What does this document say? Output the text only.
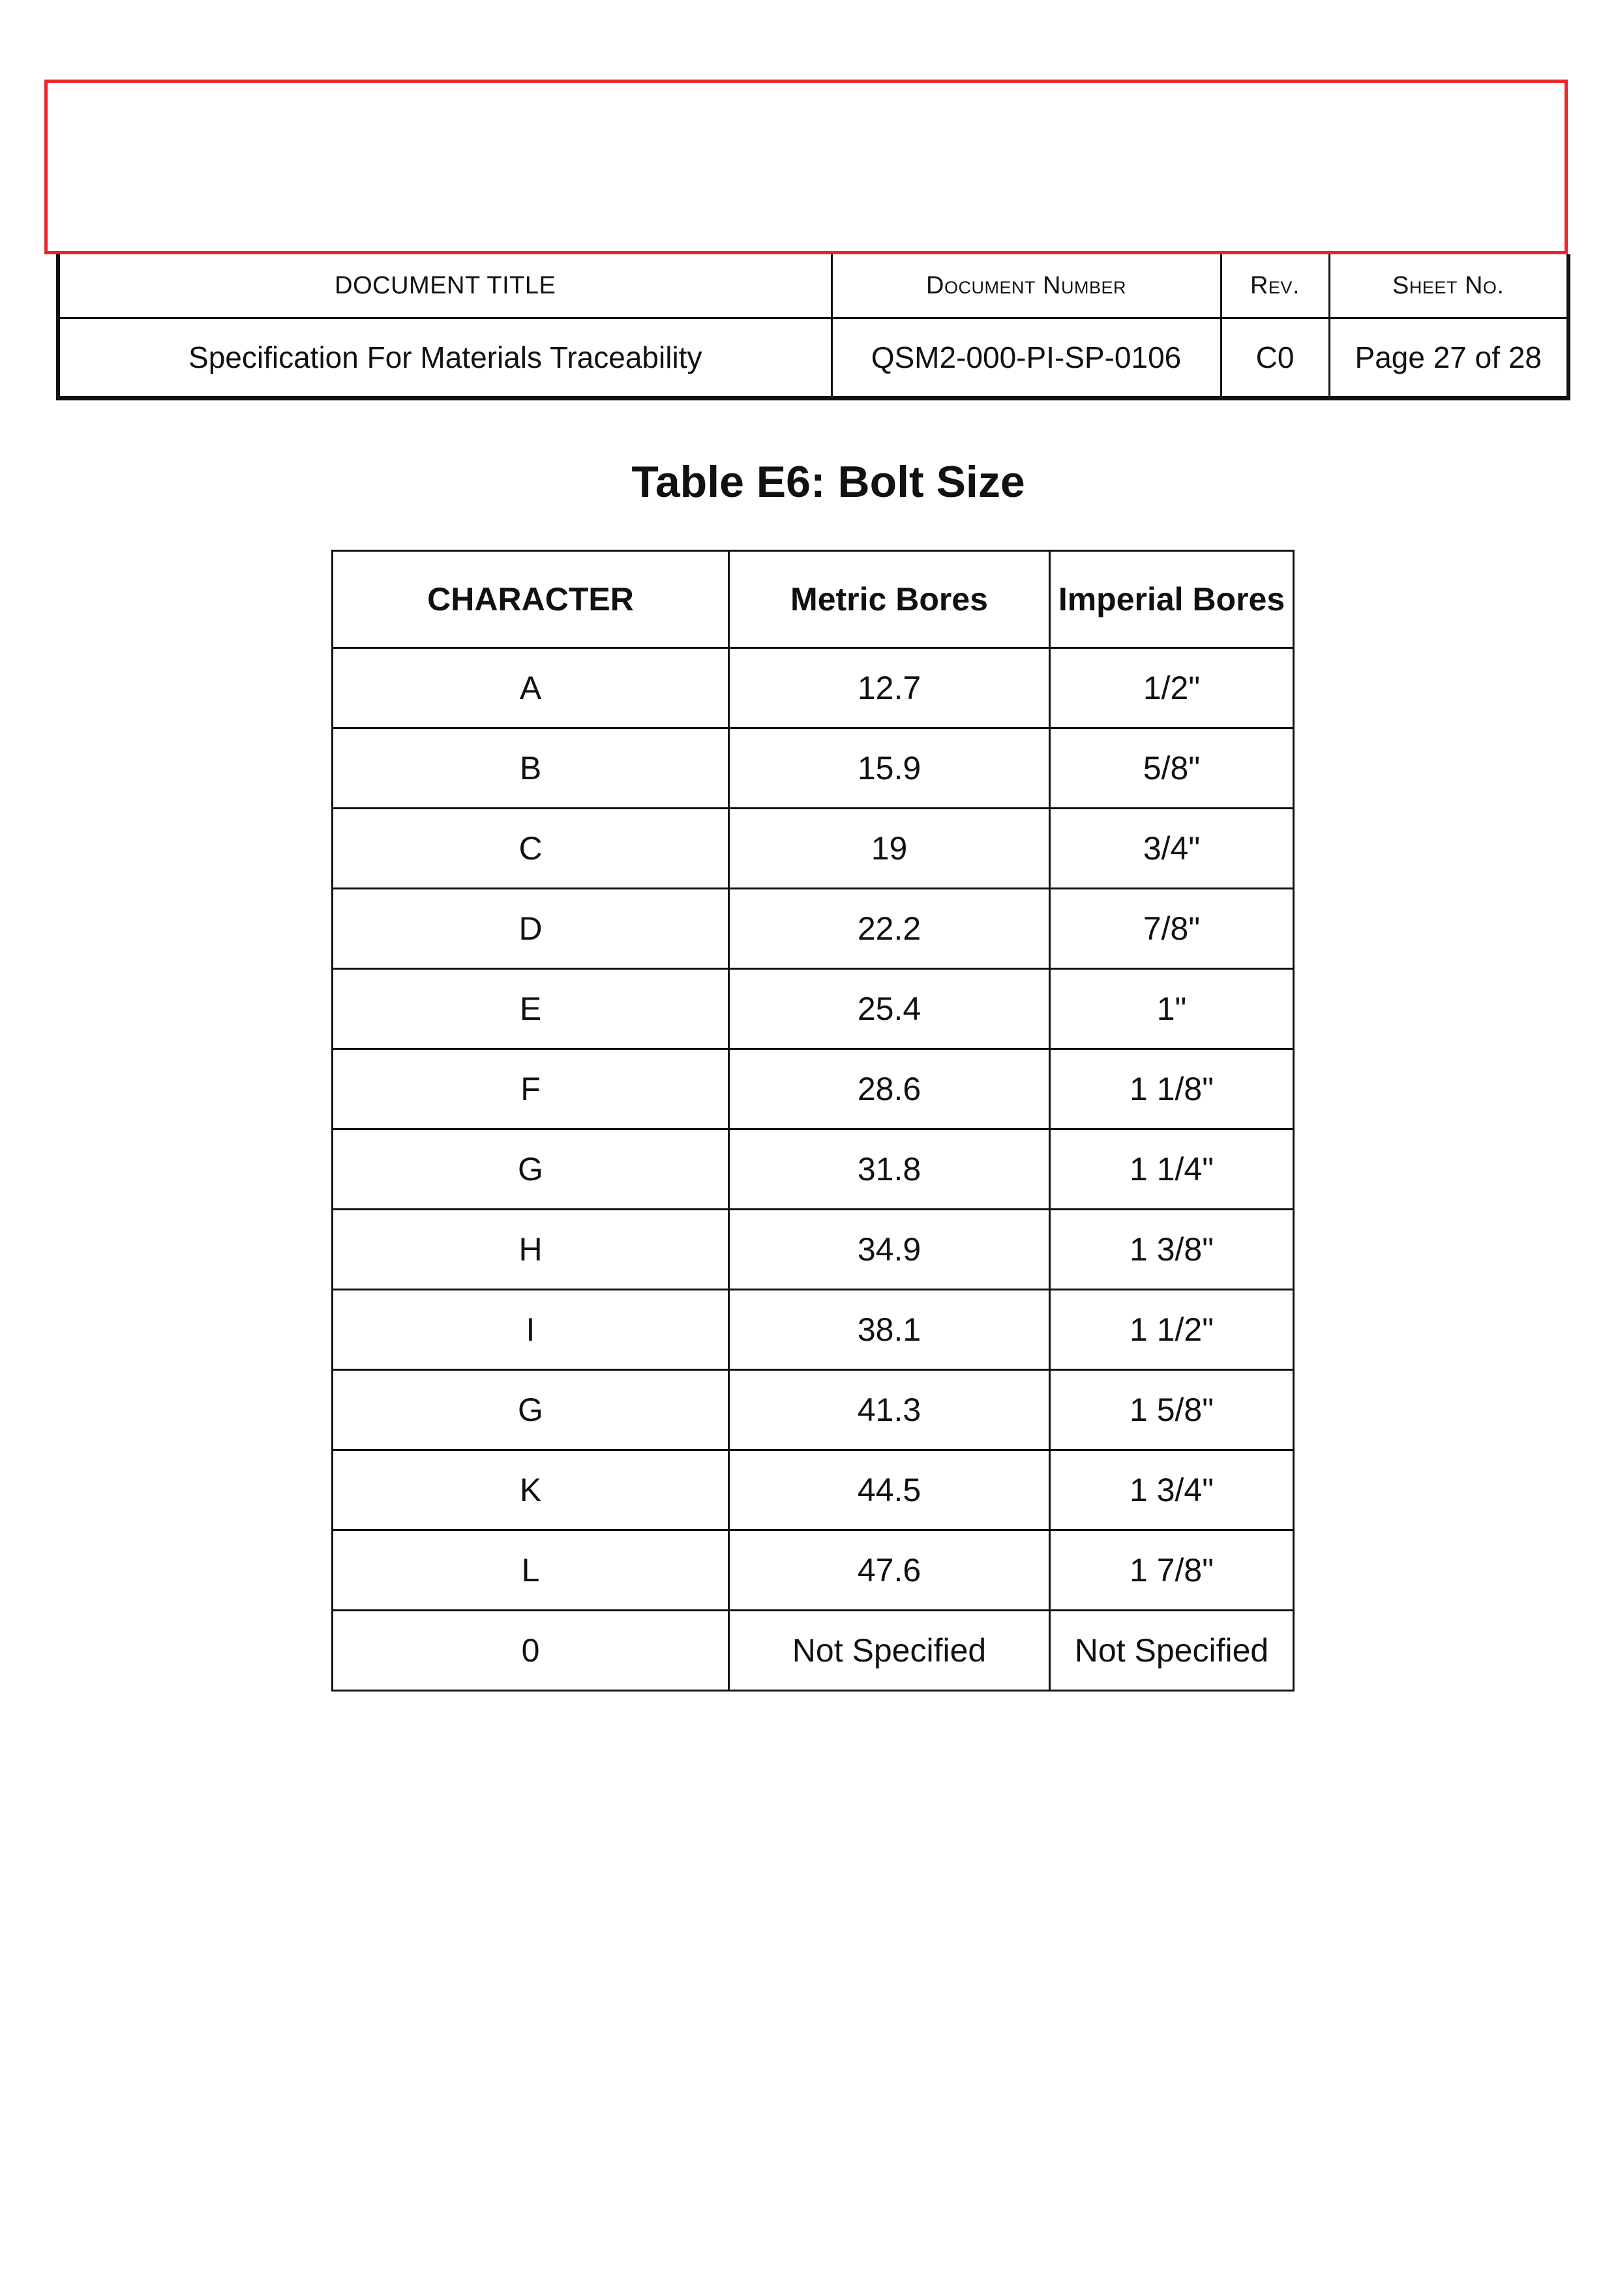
DOCUMENT TITLE	Document Number	Rev.	Sheet No.
Specification For Materials Traceability	QSM2-000-PI-SP-0106	C0	Page 27 of 28
Table E6: Bolt Size
CHARACTER	Metric Bores	Imperial Bores
A	12.7	1/2"
B	15.9	5/8"
C	19	3/4"
D	22.2	7/8"
E	25.4	1"
F	28.6	1 1/8"
G	31.8	1 1/4"
H	34.9	1 3/8"
I	38.1	1 1/2"
G	41.3	1 5/8"
K	44.5	1 3/4"
L	47.6	1 7/8"
0	Not Specified	Not Specified
